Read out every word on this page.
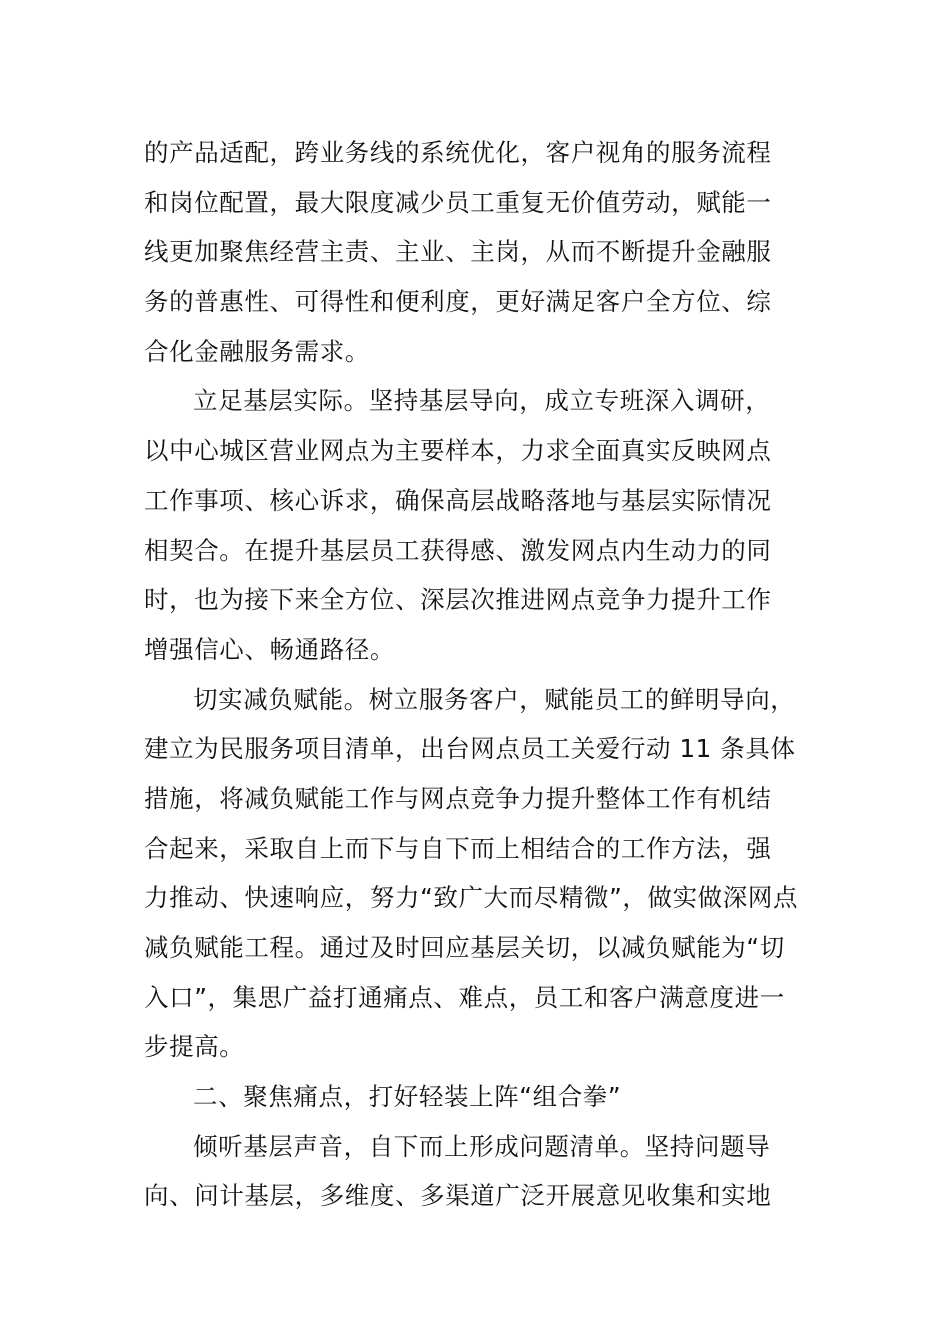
的产品适配，跨业务线的系统优化，客户视角的服务流程
和岗位配置，最大限度减少员工重复无价值劳动，赋能一
线更加聚焦经营主责、主业、主岗，从而不断提升金融服
务的普惠性、可得性和便利度，更好满足客户全方位、综
合化金融服务需求。
立足基层实际。坚持基层导向，成立专班深入调研，
以中心城区营业网点为主要样本，力求全面真实反映网点
工作事项、核心诉求，确保高层战略落地与基层实际情况
相契合。在提升基层员工获得感、激发网点内生动力的同
时，也为接下来全方位、深层次推进网点竞争力提升工作
增强信心、畅通路径。
切实减负赋能。树立服务客户，赋能员工的鲜明导向，
建立为民服务项目清单，出台网点员工关爱行动 11 条具体
措施，将减负赋能工作与网点竞争力提升整体工作有机结
合起来，采取自上而下与自下而上相结合的工作方法，强
力推动、快速响应，努力“致广大而尽精微”，做实做深网点
减负赋能工程。通过及时回应基层关切，以减负赋能为“切
入口”，集思广益打通痛点、难点，员工和客户满意度进一
步提高。
二、聚焦痛点，打好轻装上阵“组合拳”
倾听基层声音，自下而上形成问题清单。坚持问题导
向、问计基层，多维度、多渠道广泛开展意见收集和实地
